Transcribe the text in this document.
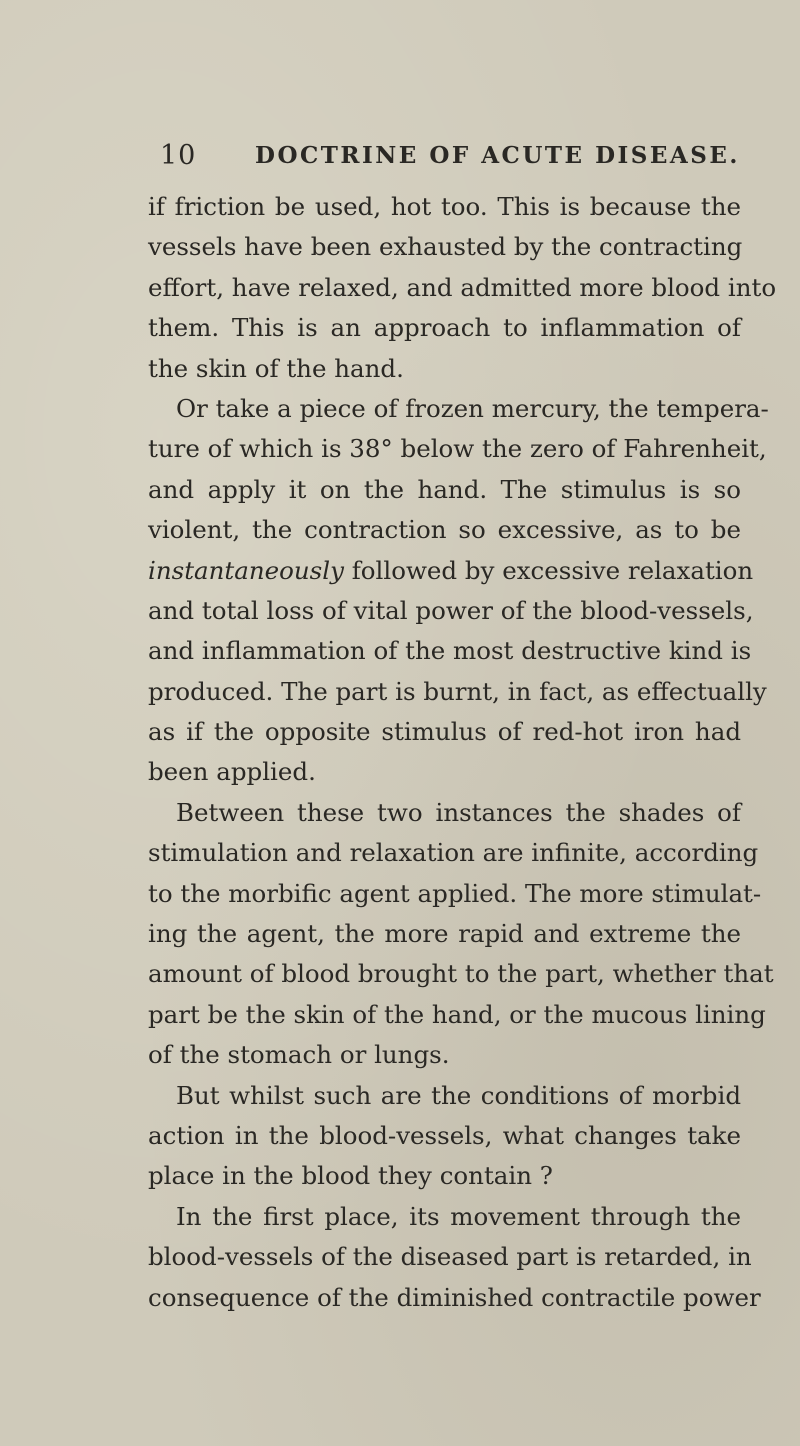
10	DOCTRINE OF ACUTE DISEASE.
if friction be used, hot too. This is because the
vessels have been exhausted by the contracting
effort, have relaxed, and admitted more blood into
them. This is an approach to inflammation of
the skin of the hand.
Or take a piece of frozen mercury, the tempera-
ture of which is 38° below the zero of Fahrenheit,
and apply it on the hand. The stimulus is so
violent, the contraction so excessive, as to be
instantaneously followed by excessive relaxation
and total loss of vital power of the blood-vessels,
and inflammation of the most destructive kind is
produced. The part is burnt, in fact, as effectually
as if the opposite stimulus of red-hot iron had
been applied.
Between these two instances the shades of
stimulation and relaxation are infinite, according
to the morbific agent applied. The more stimulat-
ing the agent, the more rapid and extreme the
amount of blood brought to the part, whether that
part be the skin of the hand, or the mucous lining
of the stomach or lungs.
But whilst such are the conditions of morbid
action in the blood-vessels, what changes take
place in the blood they contain ?
In the first place, its movement through the
blood-vessels of the diseased part is retarded, in
consequence of the diminished contractile power
